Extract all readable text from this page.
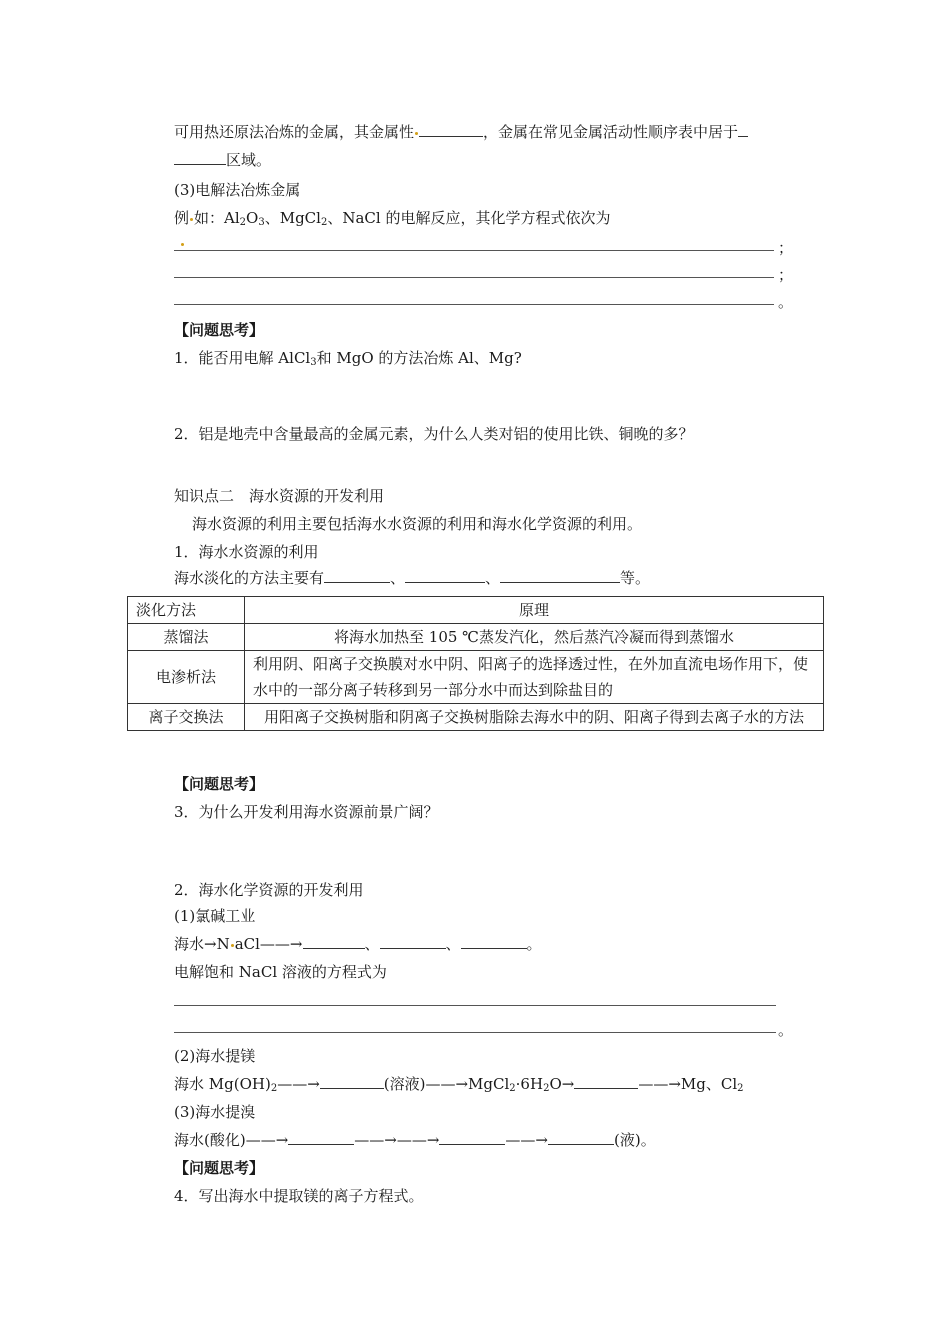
可用热还原法冶炼的金属，其金属性	，金属在常见金属活动性顺序表中居于
区域。
(3)电解法冶炼金属
例 如：$Al_2O_3$、MgCl$_2$、NaCl 的电解反应，其化学方程式依次为
；
；
。
【问题思考】
1．能否用电解 AlCl$_3$和 MgO 的方法冶炼 Al、Mg?
2．铝是地壳中含量最高的金属元素，为什么人类对铝的使用比铁、铜晚的多？
知识点二　海水资源的开发利用
海水资源的利用主要包括海水水资源的利用和海水化学资源的利用。
1．海水水资源的利用
海水淡化的方法主要有	、	、	等。
淡化方法	原理
蒸馏法	将海水加热至 105 ℃蒸发汽化，然后蒸汽冷凝而得到蒸馏水
电渗析法	利用阴、阳离子交换膜对水中阴、阳离子的选择透过性，在外加直流电场作用下，使水中的一部分离子转移到另一部分水中而达到除盐目的
离子交换法	用阳离子交换树脂和阴离子交换树脂除去海水中的阴、阳离子得到去离子水的方法
【问题思考】
3．为什么开发利用海水资源前景广阔？
2．海水化学资源的开发利用
(1)氯碱工业
海水→N aCl——→	、	、	。
电解饱和 NaCl 溶液的方程式为
。
(2)海水提镁
海水 $Mg(OH)_2——\to$	(溶液)$——\to MgCl_2\cdot 6H_2O\to$	——→Mg、$Cl_2$
(3)海水提溴
海水(酸化)——→	——→——→	——→	(液)。
【问题思考】
4．写出海水中提取镁的离子方程式。
